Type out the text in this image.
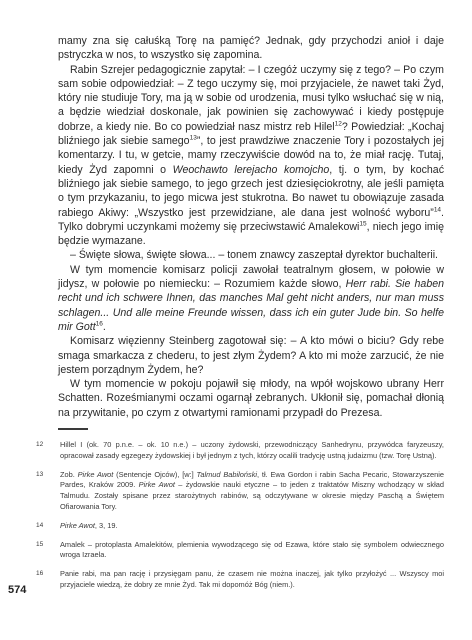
mamy zna się całuśką Torę na pamięć? Jednak, gdy przychodzi anioł i daje pstryczka w nos, to wszystko się zapomina.

Rabin Szrejer pedagogicznie zapytał: – I czegóż uczymy się z tego? – Po czym sam sobie odpowiedział: – Z tego uczymy się, moi przyjaciele, że nawet taki Żyd, który nie studiuje Tory, ma ją w sobie od urodzenia, musi tylko wsłuchać się w nią, a będzie wiedział doskonale, jak powinien się zachowywać i kiedy postępuje dobrze, a kiedy nie. Bo co powiedział nasz mistrz reb Hilel$^{12}$? Powiedział: „Kochaj bliźniego jak siebie samego$^{13}$”, to jest prawdziwe znaczenie Tory i pozostałych jej komentarzy. I tu, w getcie, mamy rzeczywiście dowód na to, że miał rację. Tutaj, kiedy Żyd zapomni o Weochawto lerejacho komojcho, tj. o tym, by kochać bliźniego jak siebie samego, to jego grzech jest dziesięciokrotny, ale jeśli pamięta o tym przykazaniu, to jego micwa jest stukrotna. Bo nawet tu obowiązuje zasada rabiego Akiwy: „Wszystko jest przewidziane, ale dana jest wolność wyboru”$^{14}$. Tylko dobrymi uczynkami możemy się przeciwstawić Amalekowi$^{15}$, niech jego imię będzie wymazane.

– Święte słowa, święte słowa... – tonem znawcy zaszeptał dyrektor buchalterii.

W tym momencie komisarz policji zawołał teatralnym głosem, w połowie w jidysz, w połowie po niemiecku: – Rozumiem każde słowo, Herr rabi. Sie haben recht und ich schwere Ihnen, das manches Mal geht nicht anders, nur man muss schlagen... Und alle meine Freunde wissen, dass ich ein guter Jude bin. So helfe mir Gott$^{16}$.

Komisarz więzienny Steinberg zagotował się: – A kto mówi o biciu? Gdy rebe smaga smarkacza z chederu, to jest złym Żydem? A kto mi może zarzucić, że nie jestem porządnym Żydem, he?

W tym momencie w pokoju pojawił się młody, na wpół wojskowo ubrany Herr Schatten. Roześmianymi oczami ogarnął zebranych. Ukłonił się, pomachał dłonią na przywitanie, po czym z otwartymi ramionami przypadł do Prezesa.

12	Hillel I (ok. 70 p.n.e. – ok. 10 n.e.) – uczony żydowski, przewodniczący Sanhedrynu, przywódca faryzeuszy, opracował zasady egzegezy żydowskiej i był jednym z tych, którzy ocalili tradycję ustną judaizmu (tzw. Torę Ustną).
13	Zob. Pirke Awot (Sentencje Ojców), [w:] Talmud Babiloński, tł. Ewa Gordon i rabin Sacha Pecaric, Stowarzyszenie Pardes, Kraków 2009. Pirke Awot – żydowskie nauki etyczne – to jeden z traktatów Miszny wchodzący w skład Talmudu. Zostały spisane przez starożytnych rabinów, są odczytywane w okresie między Paschą a Świętem Ofiarowania Tory.
14	Pirke Awot, 3, 19.
15	Amalek – protoplasta Amalekitów, plemienia wywodzącego się od Ezawa, które stało się symbolem odwiecznego wroga Izraela.
16	Panie rabi, ma pan rację i przysięgam panu, że czasem nie można inaczej, jak tylko przyłożyć ... Wszyscy moi przyjaciele wiedzą, że dobry ze mnie Żyd. Tak mi dopomóż Bóg (niem.).
574
